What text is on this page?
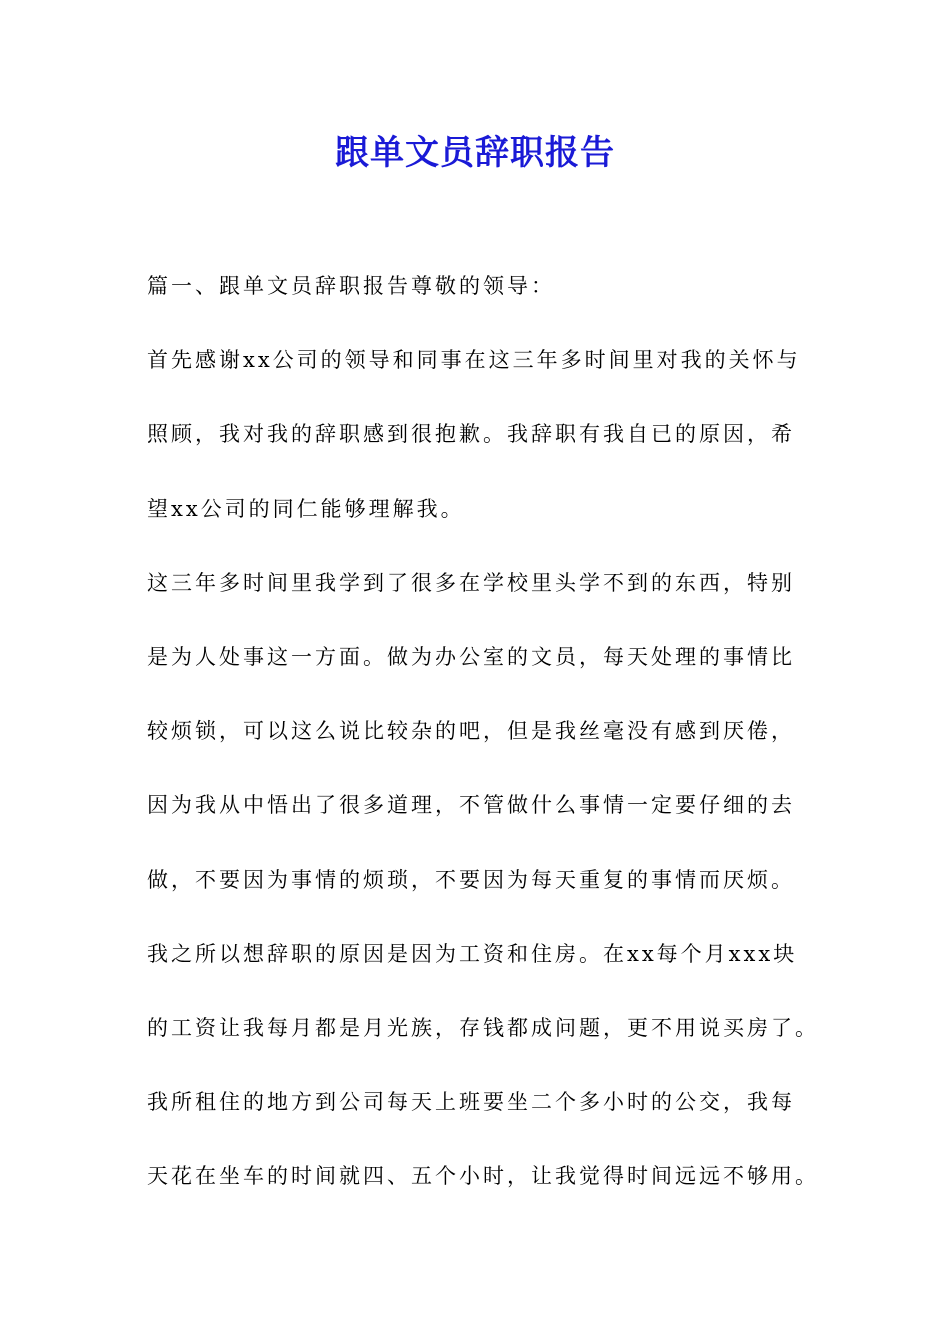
跟单文员辞职报告
篇一、跟单文员辞职报告尊敬的领导：
首先感谢xx公司的领导和同事在这三年多时间里对我的关怀与
照顾，我对我的辞职感到很抱歉。我辞职有我自已的原因，希
望xx公司的同仁能够理解我。
这三年多时间里我学到了很多在学校里头学不到的东西，特别
是为人处事这一方面。做为办公室的文员，每天处理的事情比
较烦锁，可以这么说比较杂的吧，但是我丝毫没有感到厌倦，
因为我从中悟出了很多道理，不管做什么事情一定要仔细的去
做，不要因为事情的烦琐，不要因为每天重复的事情而厌烦。
我之所以想辞职的原因是因为工资和住房。在xx每个月xxx块
的工资让我每月都是月光族，存钱都成问题，更不用说买房了。
我所租住的地方到公司每天上班要坐二个多小时的公交，我每
天花在坐车的时间就四、五个小时，让我觉得时间远远不够用。
